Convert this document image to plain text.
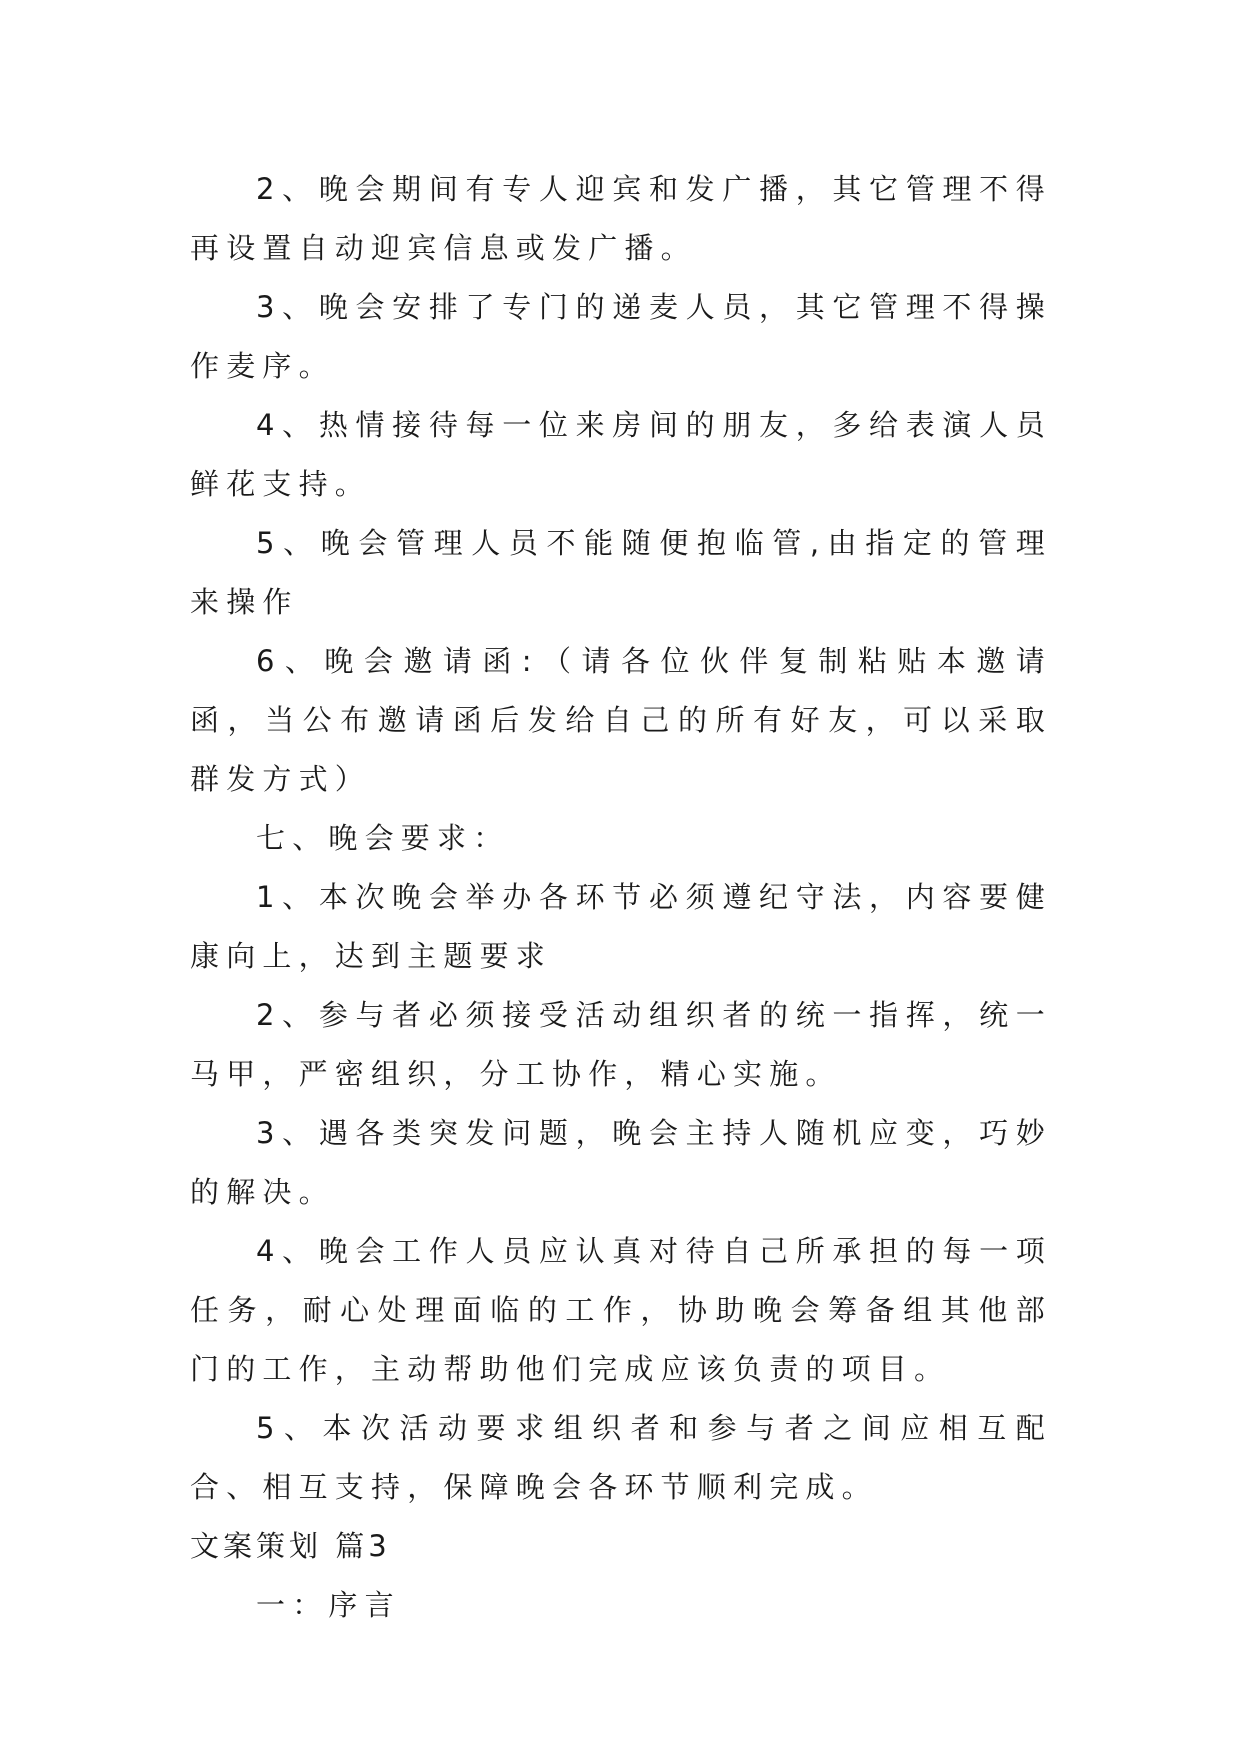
2、晚会期间有专人迎宾和发广播，其它管理不得再设置自动迎宾信息或发广播。

3、晚会安排了专门的递麦人员，其它管理不得操作麦序。

4、热情接待每一位来房间的朋友，多给表演人员鲜花支持。

5、晚会管理人员不能随便抱临管,由指定的管理来操作

6、晚会邀请函:（请各位伙伴复制粘贴本邀请函，当公布邀请函后发给自己的所有好友，可以采取群发方式）

七、晚会要求：

1、本次晚会举办各环节必须遵纪守法，内容要健康向上，达到主题要求

2、参与者必须接受活动组织者的统一指挥，统一马甲，严密组织，分工协作，精心实施。

3、遇各类突发问题，晚会主持人随机应变，巧妙的解决。

4、晚会工作人员应认真对待自己所承担的每一项任务，耐心处理面临的工作，协助晚会筹备组其他部门的工作，主动帮助他们完成应该负责的项目。

5、本次活动要求组织者和参与者之间应相互配合、相互支持，保障晚会各环节顺利完成。

文案策划 篇3

一：序言
